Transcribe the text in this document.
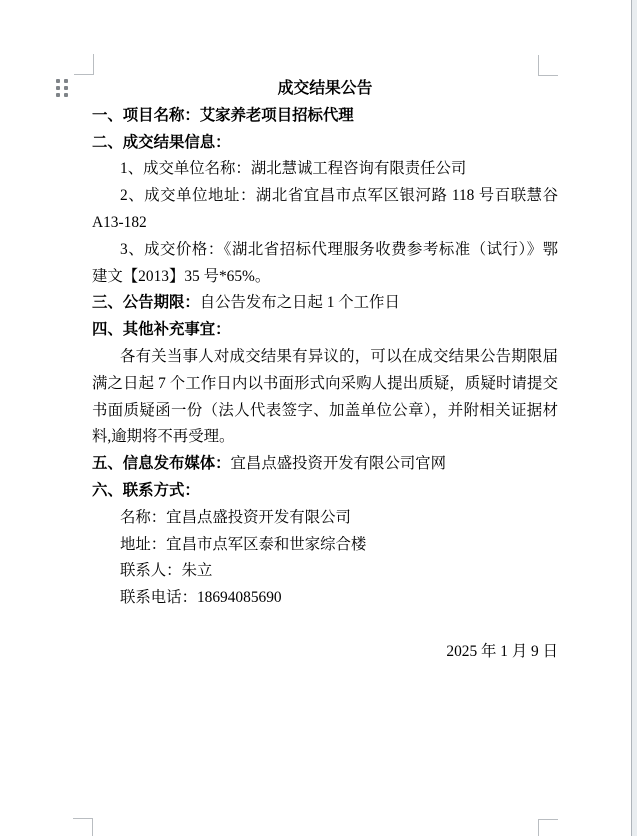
成交结果公告

一、项目名称：艾家养老项目招标代理

二、成交结果信息：

1、成交单位名称：湖北慧诚工程咨询有限责任公司

2、成交单位地址：湖北省宜昌市点军区银河路 118 号百联慧谷 A13-182

3、成交价格：《湖北省招标代理服务收费参考标准（试行）》鄂建文【2013】35 号*65%。

三、公告期限：自公告发布之日起 1 个工作日

四、其他补充事宜：

各有关当事人对成交结果有异议的，可以在成交结果公告期限届满之日起 7 个工作日内以书面形式向采购人提出质疑，质疑时请提交书面质疑函一份（法人代表签字、加盖单位公章），并附相关证据材料,逾期将不再受理。

五、信息发布媒体：宜昌点盛投资开发有限公司官网

六、联系方式：

名称：宜昌点盛投资开发有限公司

地址：宜昌市点军区泰和世家综合楼

联系人：朱立

联系电话：18694085690

2025 年 1 月 9 日
